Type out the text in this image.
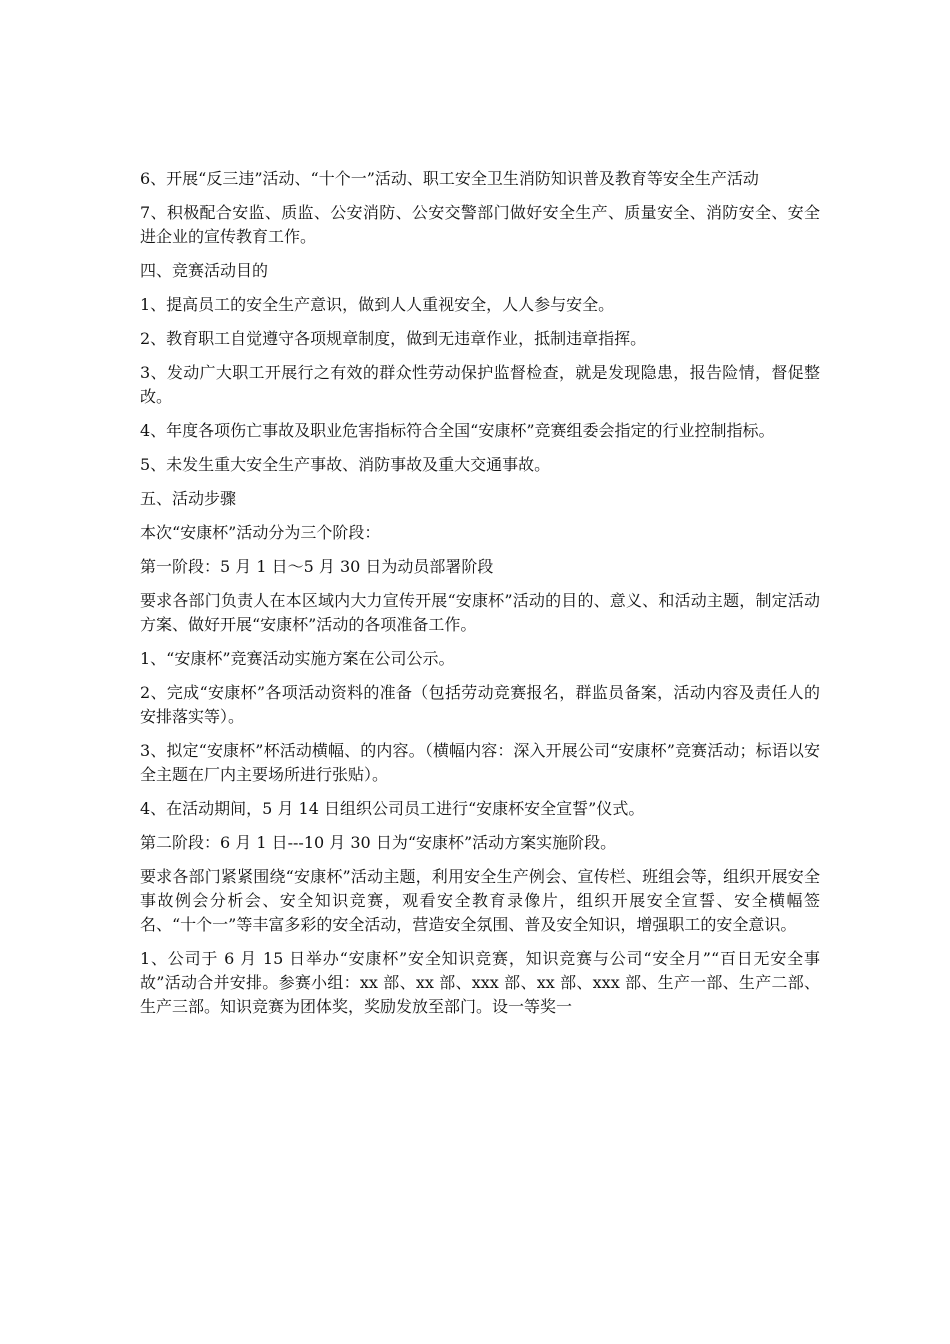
6、开展“反三违”活动、“十个一”活动、职工安全卫生消防知识普及教育等安全生产活动

7、积极配合安监、质监、公安消防、公安交警部门做好安全生产、质量安全、消防安全、安全进企业的宣传教育工作。

四、竞赛活动目的

1、提高员工的安全生产意识，做到人人重视安全，人人参与安全。

2、教育职工自觉遵守各项规章制度，做到无违章作业，抵制违章指挥。

3、发动广大职工开展行之有效的群众性劳动保护监督检查，就是发现隐患，报告险情，督促整改。

4、年度各项伤亡事故及职业危害指标符合全国“安康杯”竞赛组委会指定的行业控制指标。

5、未发生重大安全生产事故、消防事故及重大交通事故。

五、活动步骤

本次“安康杯”活动分为三个阶段：

第一阶段：5 月 1 日～5 月 30 日为动员部署阶段

要求各部门负责人在本区域内大力宣传开展“安康杯”活动的目的、意义、和活动主题，制定活动方案、做好开展“安康杯”活动的各项准备工作。

1、“安康杯”竞赛活动实施方案在公司公示。

2、完成“安康杯”各项活动资料的准备（包括劳动竞赛报名，群监员备案，活动内容及责任人的安排落实等）。

3、拟定“安康杯”杯活动横幅、的内容。（横幅内容：深入开展公司“安康杯”竞赛活动；标语以安全主题在厂内主要场所进行张贴）。

4、在活动期间，5 月 14 日组织公司员工进行“安康杯安全宣誓”仪式。

第二阶段：6 月 1 日---10 月 30 日为“安康杯”活动方案实施阶段。

要求各部门紧紧围绕“安康杯”活动主题，利用安全生产例会、宣传栏、班组会等，组织开展安全事故例会分析会、安全知识竞赛，观看安全教育录像片，组织开展安全宣誓、安全横幅签名、“十个一”等丰富多彩的安全活动，营造安全氛围、普及安全知识，增强职工的安全意识。

1、公司于 6 月 15 日举办“安康杯”安全知识竞赛，知识竞赛与公司“安全月”“百日无安全事故”活动合并安排。参赛小组：xx 部、xx 部、xxx 部、xx 部、xxx 部、生产一部、生产二部、生产三部。知识竞赛为团体奖，奖励发放至部门。设一等奖一
